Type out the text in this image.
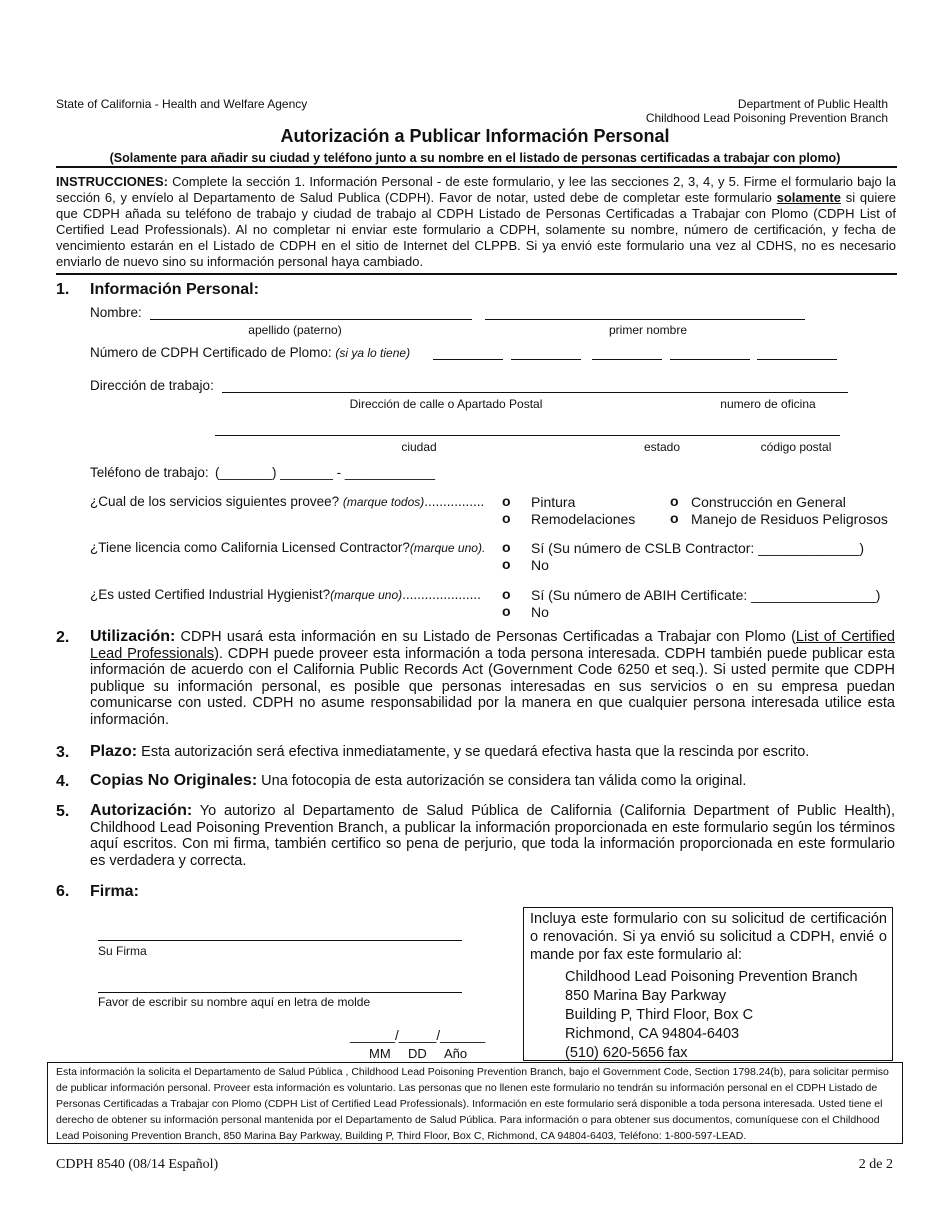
State of California - Health and Welfare Agency	Department of Public Health
Childhood Lead Poisoning Prevention Branch
Autorización a Publicar Información Personal
(Solamente para añadir su ciudad y teléfono junto a su nombre en el listado de personas certificadas a trabajar con plomo)
INSTRUCCIONES: Complete la sección 1. Información Personal - de este formulario, y lee las secciones 2, 3, 4, y 5. Firme el formulario bajo la sección 6, y envíelo al Departamento de Salud Publica (CDPH). Favor de notar, usted debe de completar este formulario solamente si quiere que CDPH añada su teléfono de trabajo y ciudad de trabajo al CDPH Listado de Personas Certificadas a Trabajar con Plomo (CDPH List of Certified Lead Professionals). Al no completar ni enviar este formulario a CDPH, solamente su nombre, número de certificación, y fecha de vencimiento estarán en el Listado de CDPH en el sitio de Internet del CLPPB. Si ya envió este formulario una vez al CDHS, no es necesario enviarlo de nuevo sino su información personal haya cambiado.
1. Información Personal:
Nombre:
apellido (paterno)	primer nombre
Número de CDPH Certificado de Plomo: (si ya lo tiene)
Dirección de trabajo:
Dirección de calle o Apartado Postal	numero de oficina
ciudad	estado	código postal
Teléfono de trabajo: (_______) _______ - ____________
¿Cual de los servicios siguientes provee? (marque todos)................ o Pintura	o Construcción en General
o Remodelaciones o Manejo de Residuos Peligrosos
¿Tiene licencia como California Licensed Contractor?(marque uno). o Sí (Su número de CSLB Contractor: _____________)
o No
¿Es usted Certified Industrial Hygienist?(marque uno)..................... o Sí (Su número de ABIH Certificate: ________________)
o No
2. Utilización: CDPH usará esta información en su Listado de Personas Certificadas a Trabajar con Plomo (List of Certified Lead Professionals). CDPH puede proveer esta información a toda persona interesada. CDPH también puede publicar esta información de acuerdo con el California Public Records Act (Government Code 6250 et seq.). Si usted permite que CDPH publique su información personal, es posible que personas interesadas en sus servicios o en su empresa puedan comunicarse con usted. CDPH no asume responsabilidad por la manera en que cualquier persona interesada utilice esta información.
3. Plazo: Esta autorización será efectiva inmediatamente, y se quedará efectiva hasta que la rescinda por escrito.
4. Copias No Originales: Una fotocopia de esta autorización se considera tan válida como la original.
5. Autorización: Yo autorizo al Departamento de Salud Pública de California (California Department of Public Health), Childhood Lead Poisoning Prevention Branch, a publicar la información proporcionada en este formulario según los términos aquí escritos. Con mi firma, también certifico so pena de perjurio, que toda la información proporcionada en este formulario es verdadera y correcta.
6. Firma:
Su Firma
Favor de escribir su nombre aquí en letra de molde
______/_____/______
MM DD Año
Incluya este formulario con su solicitud de certificación o renovación. Si ya envió su solicitud a CDPH, envié o mande por fax este formulario al:
Childhood Lead Poisoning Prevention Branch
850 Marina Bay Parkway
Building P, Third Floor, Box C
Richmond, CA 94804-6403
(510) 620-5656 fax
Esta información la solicita el Departamento de Salud Pública , Childhood Lead Poisoning Prevention Branch, bajo el Government Code, Section 1798.24(b), para solicitar permiso de publicar información personal. Proveer esta información es voluntario. Las personas que no llenen este formulario no tendrán su información personal en el CDPH Listado de Personas Certificadas a Trabajar con Plomo (CDPH List of Certified Lead Professionals). Información en este formulario será disponible a toda persona interesada. Usted tiene el derecho de obtener su información personal mantenida por el Departamento de Salud Pública. Para información o para obtener sus documentos, comuníquese con el Childhood Lead Poisoning Prevention Branch, 850 Marina Bay Parkway, Building P, Third Floor, Box C, Richmond, CA 94804-6403, Teléfono: 1-800-597-LEAD.
CDPH 8540 (08/14 Español)	2 de 2
